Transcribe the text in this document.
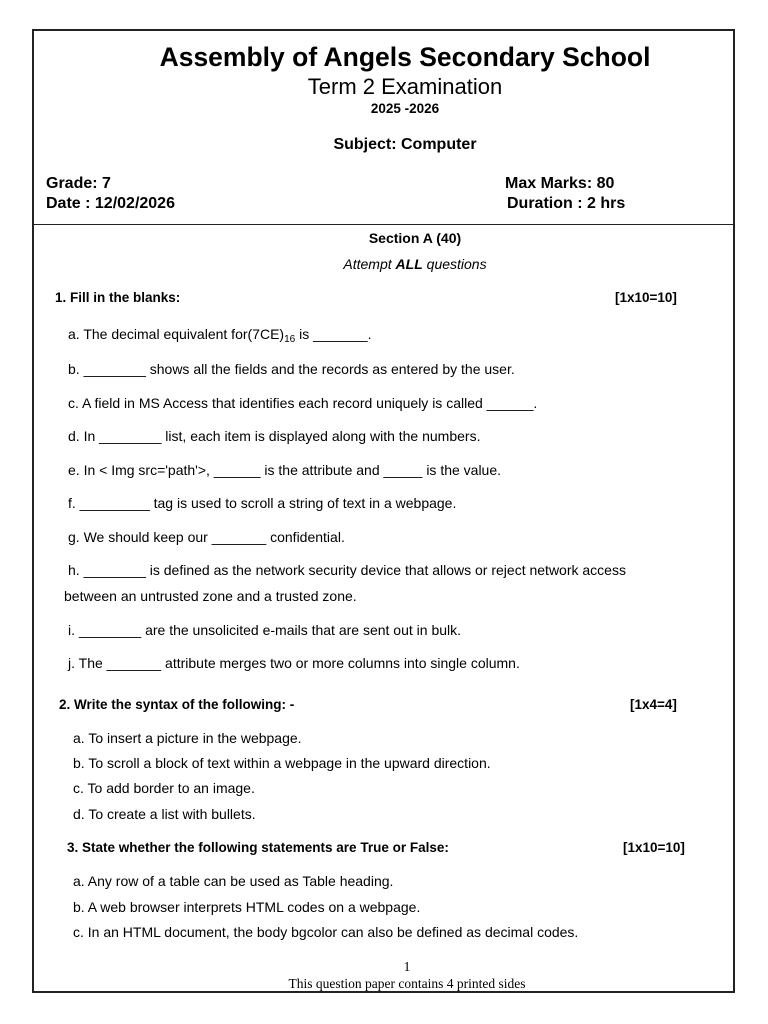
Assembly of Angels Secondary School
Term 2 Examination
2025 -2026
Subject: Computer
Grade: 7	Max Marks: 80
Date : 12/02/2026	Duration : 2 hrs
Section A (40)
Attempt ALL questions
1. Fill in the blanks:	[1x10=10]
a. The decimal equivalent $for(7CE)_{16}$ is _______.
b. ________ shows all the fields and the records as entered by the user.
c. A field in MS Access that identifies each record uniquely is called ______.
d. In ________ list, each item is displayed along with the numbers.
e. In < Img src='path'>, ______ is the attribute and _____ is the value.
f. _________ tag is used to scroll a string of text in a webpage.
g. We should keep our _______ confidential.
h. ________ is defined as the network security device that allows or reject network access
between an untrusted zone and a trusted zone.
i. ________ are the unsolicited e-mails that are sent out in bulk.
j. The _______ attribute merges two or more columns into single column.
2. Write the syntax of the following: -	[1x4=4]
a. To insert a picture in the webpage.
b. To scroll a block of text within a webpage in the upward direction.
c. To add border to an image.
d. To create a list with bullets.
3. State whether the following statements are True or False:	[1x10=10]
a. Any row of a table can be used as Table heading.
b. A web browser interprets HTML codes on a webpage.
c. In an HTML document, the body bgcolor can also be defined as decimal codes.
1
This question paper contains 4 printed sides
